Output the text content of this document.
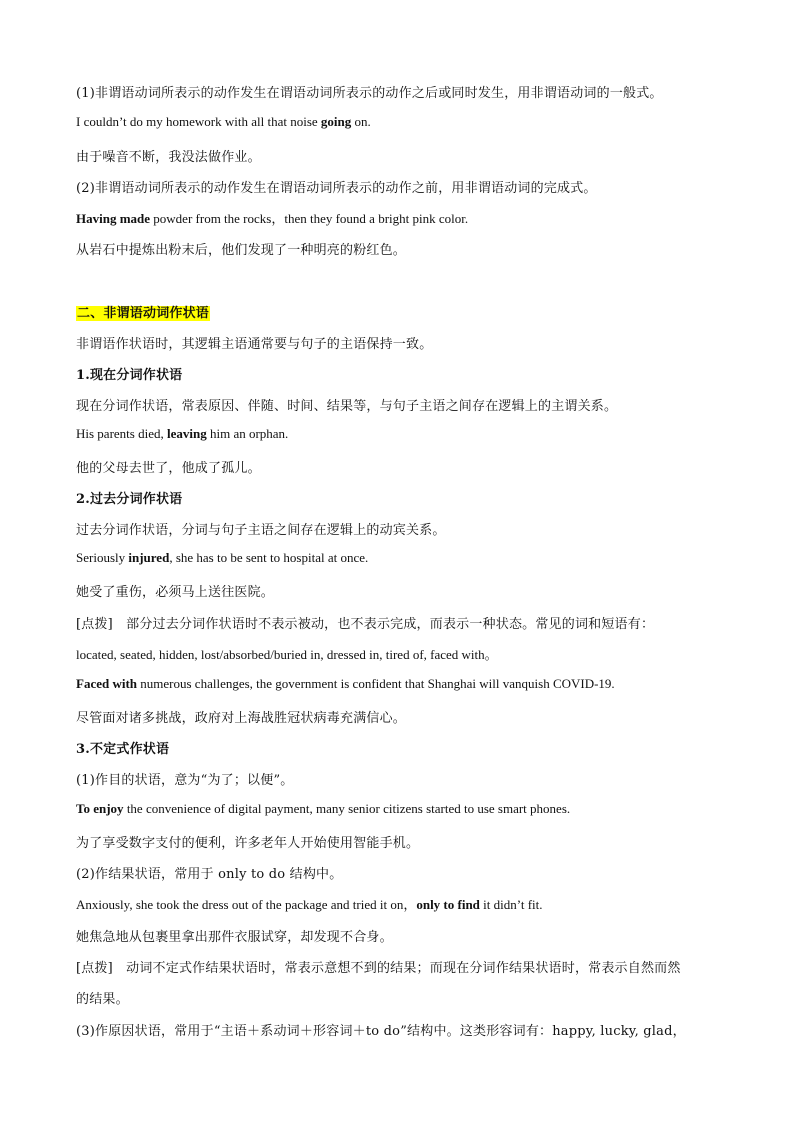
(1)非谓语动词所表示的动作发生在谓语动词所表示的动作之后或同时发生，用非谓语动词的一般式。
I couldn’t do my homework with all that noise going on.
由于噪音不断，我没法做作业。
(2)非谓语动词所表示的动作发生在谓语动词所表示的动作之前，用非谓语动词的完成式。
Having made powder from the rocks，then they found a bright pink color.
从岩石中提炼出粉末后，他们发现了一种明亮的粉红色。
二、非谓语动词作状语
非谓语作状语时，其逻辑主语通常要与句子的主语保持一致。
1.现在分词作状语
现在分词作状语，常表原因、伴随、时间、结果等，与句子主语之间存在逻辑上的主谓关系。
His parents died, leaving him an orphan.
他的父母去世了，他成了孤儿。
2.过去分词作状语
过去分词作状语，分词与句子主语之间存在逻辑上的动宾关系。
Seriously injured, she has to be sent to hospital at once.
她受了重伤，必须马上送往医院。
[点拨]　部分过去分词作状语时不表示被动，也不表示完成，而表示一种状态。常见的词和短语有：
located, seated, hidden, lost/absorbed/buried in, dressed in, tired of, faced with。
Faced with numerous challenges, the government is confident that Shanghai will vanquish COVID-19.
尽管面对诸多挑战，政府对上海战胜冠状病毒充满信心。
3.不定式作状语
(1)作目的状语，意为“为了；以便”。
To enjoy the convenience of digital payment, many senior citizens started to use smart phones.
为了享受数字支付的便利，许多老年人开始使用智能手机。
(2)作结果状语，常用于 only to do 结构中。
Anxiously, she took the dress out of the package and tried it on，only to find it didn’t fit.
她焦急地从包裹里拿出那件衣服试穿，却发现不合身。
[点拨]　动词不定式作结果状语时，常表示意想不到的结果；而现在分词作结果状语时，常表示自然而然
的结果。
(3)作原因状语，常用于“主语＋系动词＋形容词＋to do”结构中。这类形容词有：happy, lucky, glad，
